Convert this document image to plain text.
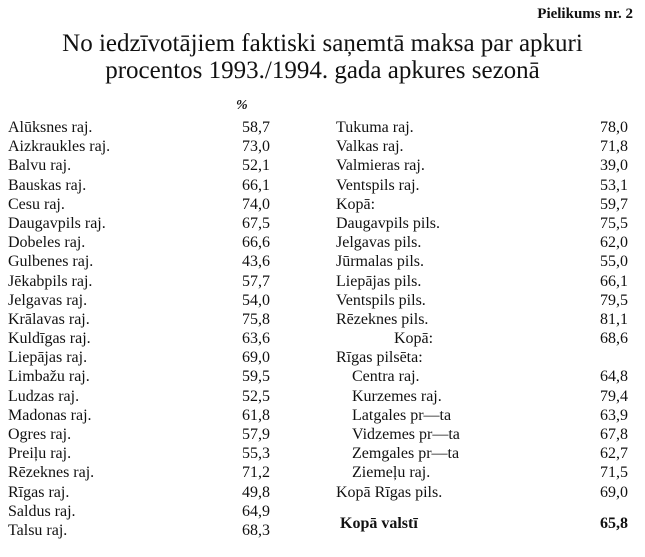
Pielikums nr. 2
No iedzīvotājiem faktiski saņemtā maksa par apkuri
procentos 1993./1994. gada apkures sezonā
%
Alūksnes raj.	58,7
Aizkraukles raj.	73,0
Balvu raj.	52,1
Bauskas raj.	66,1
Cesu raj.	74,0
Daugavpils raj.	67,5
Dobeles raj.	66,6
Gulbenes raj.	43,6
Jēkabpils raj.	57,7
Jelgavas raj.	54,0
Krālavas raj.	75,8
Kuldīgas raj.	63,6
Liepājas raj.	69,0
Limbažu raj.	59,5
Ludzas raj.	52,5
Madonas raj.	61,8
Ogres raj.	57,9
Preiļu raj.	55,3
Rēzeknes raj.	71,2
Rīgas raj.	49,8
Saldus raj.	64,9
Talsu raj.	68,3
Tukuma raj.	78,0
Valkas raj.	71,8
Valmieras raj.	39,0
Ventspils raj.	53,1
Kopā:	59,7
Daugavpils pils.	75,5
Jelgavas pils.	62,0
Jūrmalas pils.	55,0
Liepājas pils.	66,1
Ventspils pils.	79,5
Rēzeknes pils.	81,1
Kopā:	68,6
Rīgas pilsēta:
Centra raj.	64,8
Kurzemes raj.	79,4
Latgales pr—ta	63,9
Vidzemes pr—ta	67,8
Zemgales pr—ta	62,7
Ziemeļu raj.	71,5
Kopā Rīgas pils.	69,0
Kopā valstī	65,8
